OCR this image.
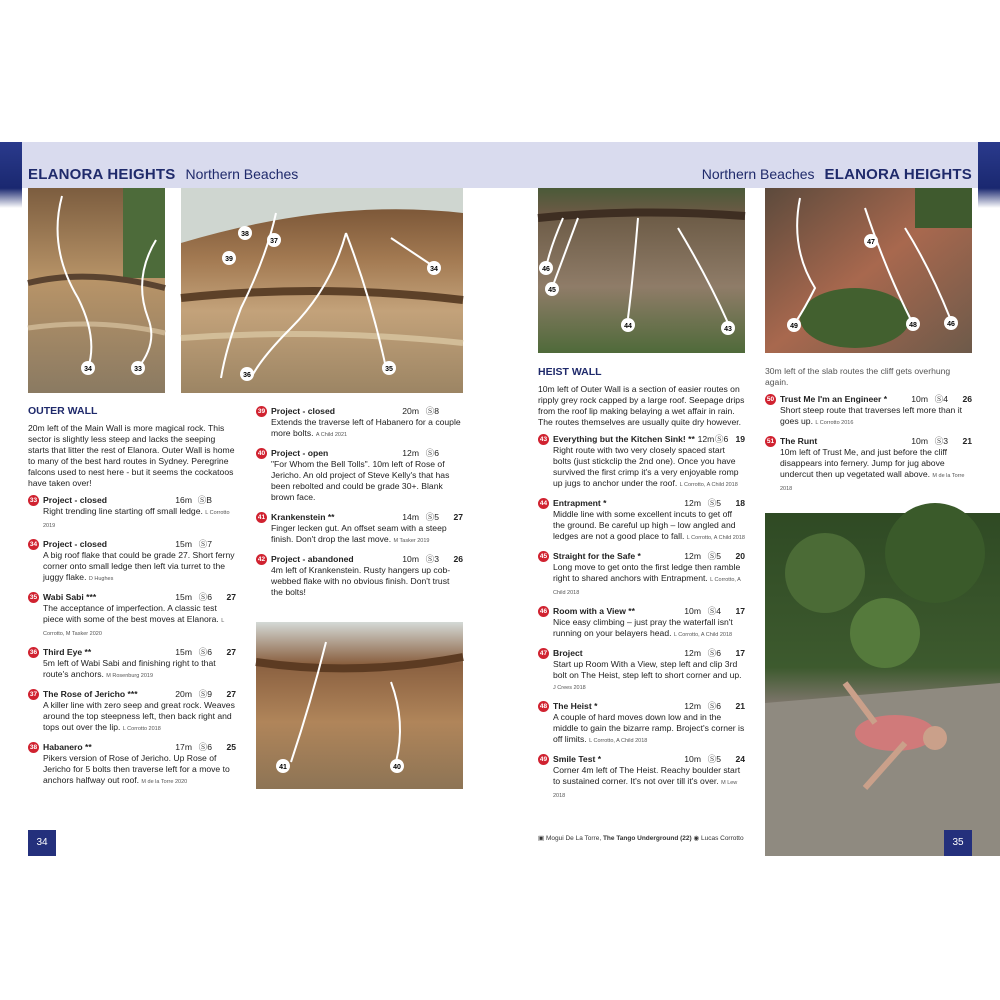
ELANORA HEIGHTS Northern Beaches	Northern Beaches ELANORA HEIGHTS
34	33
38
37
39
36
35
34
41	40
46
45
44	43
47
49	48	46
OUTER WALL
20m left of the Main Wall is more magical rock. This sector is slightly less steep and lacks the seeping starts that litter the rest of Elanora. Outer Wall is home to many of the best hard routes in Sydney. Peregrine falcons used to nest here - but it seems the cockatoos have taken over!
33 Project - closed	16m ⓈB
Right trending line starting off small ledge. L Corrotto 2019
34 Project - closed	15m Ⓢ7
A big roof flake that could be grade 27. Short ferny corner onto small ledge then left via turret to the juggy flake. D Hughes
35 Wabi Sabi ***	15m Ⓢ6	27
The acceptance of imperfection. A classic test piece with some of the best moves at Elanora. L Corrotto, M Tasker 2020
36 Third Eye **	15m Ⓢ6	27
5m left of Wabi Sabi and finishing right to that route's anchors. M Rosenburg 2019
37 The Rose of Jericho ***	20m Ⓢ9	27
A killer line with zero seep and great rock. Weaves around the top steepness left, then back right and tops out over the lip. L Corrotto 2018
38 Habanero **	17m Ⓢ6	25
Pikers version of Rose of Jericho. Up Rose of Jericho for 5 bolts then traverse left for a move to anchors halfway out roof. M de la Torre 2020
39 Project - closed	20m Ⓢ8
Extends the traverse left of Habanero for a couple more bolts. A Child 2021
40 Project - open	12m Ⓢ6
"For Whom the Bell Tolls". 10m left of Rose of Jericho. An old project of Steve Kelly's that has been rebolted and could be grade 30+. Blank brown face.
41 Krankenstein **	14m Ⓢ5	27
Finger lecken gut. An offset seam with a steep finish. Don't drop the last move. M Tasker 2019
42 Project - abandoned	10m Ⓢ3	26
4m left of Krankenstein. Rusty hangers up cob-webbed flake with no obvious finish. Don't trust the bolts!
HEIST WALL
10m left of Outer Wall is a section of easier routes on ripply grey rock capped by a large roof. Seepage drips from the roof lip making belaying a wet affair in rain. The routes themselves are usually quite dry however.
43 Everything but the Kitchen Sink! ** 12m Ⓢ6 19
Right route with two very closely spaced start bolts (just stickclip the 2nd one). Once you have survived the first crimp it's a very enjoyable romp up jugs to anchor under the roof. L Corrotto, A Child 2018
44 Entrapment *	12m Ⓢ5	18
Middle line with some excellent incuts to get off the ground. Be careful up high – low angled and ledges are not a good place to fall. L Corrotto, A Child 2018
45 Straight for the Safe *	12m Ⓢ5	20
Long move to get onto the first ledge then ramble right to shared anchors with Entrapment. L Corrotto, A Child 2018
46 Room with a View **	10m Ⓢ4	17
Nice easy climbing – just pray the waterfall isn't running on your belayers head. L Corrotto, A Child 2018
47 Broject	12m Ⓢ6	17
Start up Room With a View, step left and clip 3rd bolt on The Heist, step left to short corner and up. J Crees 2018
48 The Heist *	12m Ⓢ6	21
A couple of hard moves down low and in the middle to gain the bizarre ramp. Broject's corner is off limits. L Corrotto, A Child 2018
49 Smile Test *	10m Ⓢ5	24
Corner 4m left of The Heist. Reachy boulder start to sustained corner. It's not over till it's over. M Lew 2018
30m left of the slab routes the cliff gets overhung again.
50 Trust Me I'm an Engineer *	10m Ⓢ4	26
Short steep route that traverses left more than it goes up. L Corrotto 2016
51 The Runt	10m Ⓢ3	21
10m left of Trust Me, and just before the cliff disappears into fernery. Jump for jug above undercut then up vegetated wall above. M de la Torre 2018
▣ Mogui De La Torre, The Tango Underground (22) ◉ Lucas Corrotto
34	35
